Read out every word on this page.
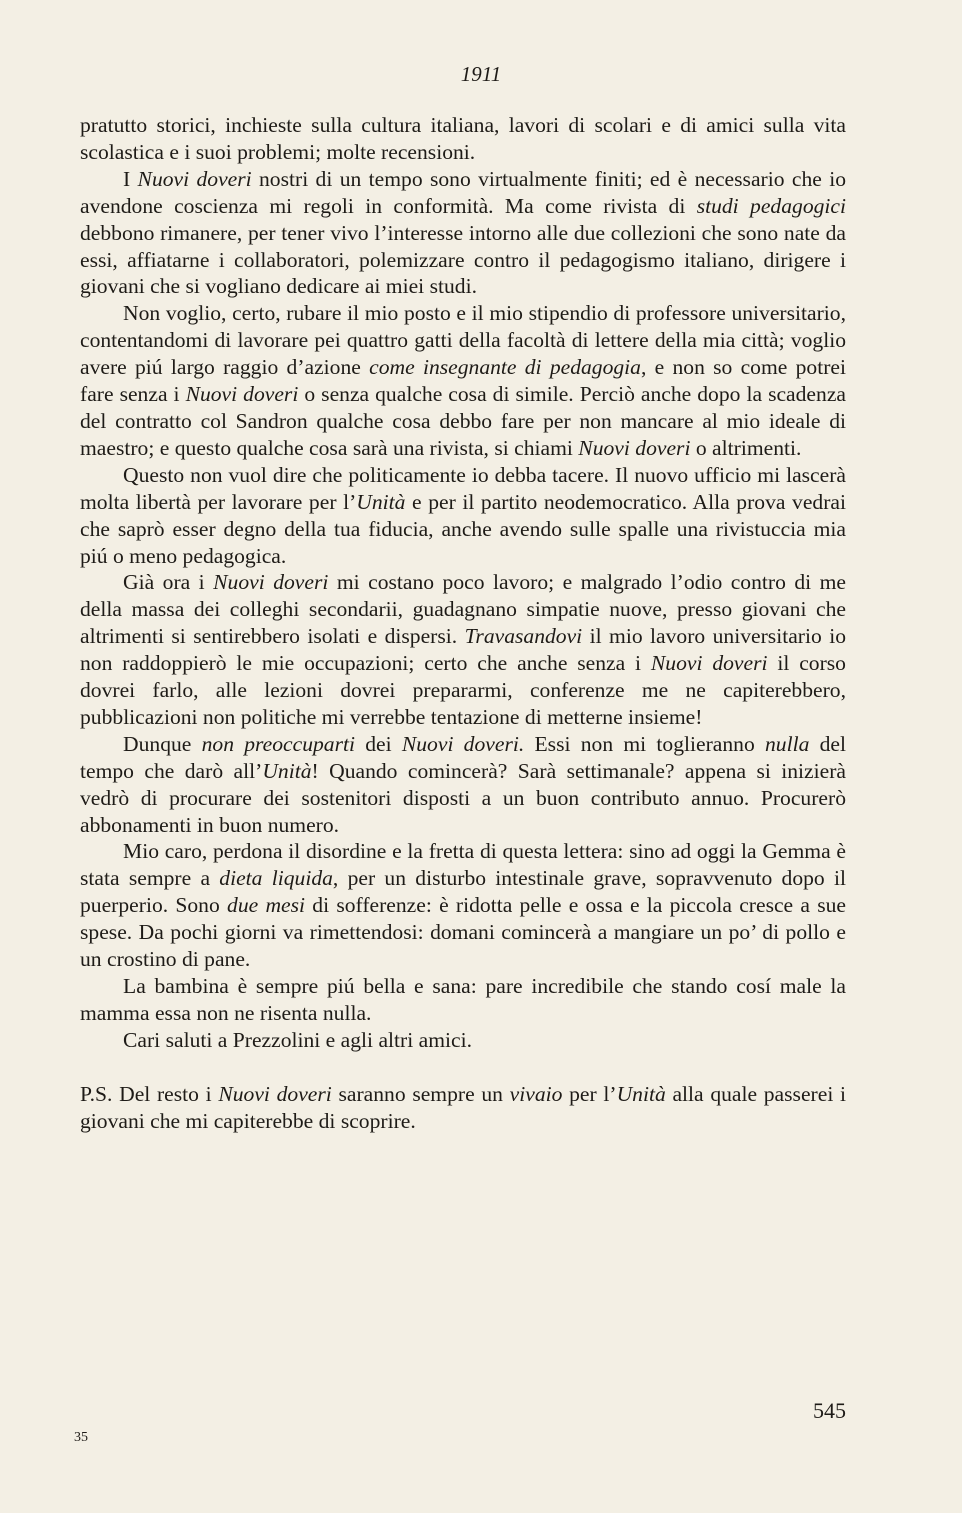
1911

pratutto storici, inchieste sulla cultura italiana, lavori di scolari e di amici sulla vita scolastica e i suoi problemi; molte recensioni.

I Nuovi doveri nostri di un tempo sono virtualmente finiti; ed è necessario che io avendone coscienza mi regoli in conformità. Ma come rivista di studi pedagogici debbono rimanere, per tener vivo l’interesse intorno alle due collezioni che sono nate da essi, affiatarne i collaboratori, polemizzare contro il pedagogismo italiano, dirigere i giovani che si vogliano dedicare ai miei studi.

Non voglio, certo, rubare il mio posto e il mio stipendio di professore universitario, contentandomi di lavorare pei quattro gatti della facoltà di lettere della mia città; voglio avere piú largo raggio d’azione come insegnante di pedagogia, e non so come potrei fare senza i Nuovi doveri o senza qualche cosa di simile. Perciò anche dopo la scadenza del contratto col Sandron qualche cosa debbo fare per non mancare al mio ideale di maestro; e questo qualche cosa sarà una rivista, si chiami Nuovi doveri o altrimenti.

Questo non vuol dire che politicamente io debba tacere. Il nuovo ufficio mi lascerà molta libertà per lavorare per l’Unità e per il partito neodemocratico. Alla prova vedrai che saprò esser degno della tua fiducia, anche avendo sulle spalle una rivistuccia mia piú o meno pedagogica.

Già ora i Nuovi doveri mi costano poco lavoro; e malgrado l’odio contro di me della massa dei colleghi secondarii, guadagnano simpatie nuove, presso giovani che altrimenti si sentirebbero isolati e dispersi. Travasandovi il mio lavoro universitario io non raddoppierò le mie occupazioni; certo che anche senza i Nuovi doveri il corso dovrei farlo, alle lezioni dovrei prepararmi, conferenze me ne capiterebbero, pubblicazioni non politiche mi verrebbe tentazione di metterne insieme!

Dunque non preoccuparti dei Nuovi doveri. Essi non mi toglieranno nulla del tempo che darò all’Unità! Quando comincerà? Sarà settimanale? appena si inizierà vedrò di procurare dei sostenitori disposti a un buon contributo annuo. Procurerò abbonamenti in buon numero.

Mio caro, perdona il disordine e la fretta di questa lettera: sino ad oggi la Gemma è stata sempre a dieta liquida, per un disturbo intestinale grave, sopravvenuto dopo il puerperio. Sono due mesi di sofferenze: è ridotta pelle e ossa e la piccola cresce a sue spese. Da pochi giorni va rimettendosi: domani comincerà a mangiare un po’ di pollo e un crostino di pane.

La bambina è sempre piú bella e sana: pare incredibile che stando cosí male la mamma essa non ne risenta nulla.

Cari saluti a Prezzolini e agli altri amici.

P.S. Del resto i Nuovi doveri saranno sempre un vivaio per l’Unità alla quale passerei i giovani che mi capiterebbe di scoprire.

545
35
